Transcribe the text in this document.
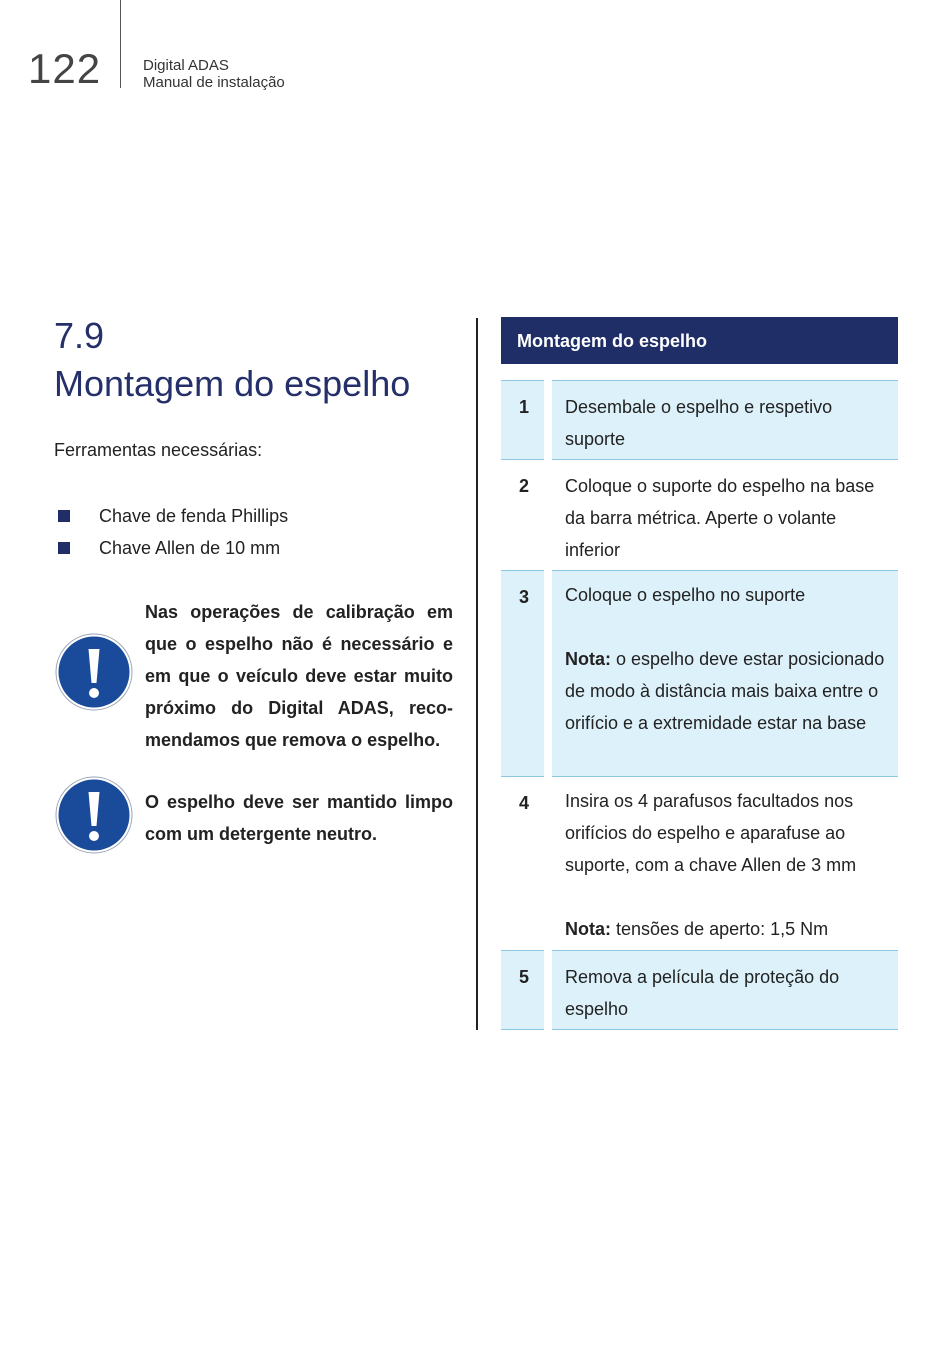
122	Digital ADAS
Manual de instalação
7.9
Montagem do espelho
Ferramentas necessárias:
Chave de fenda Phillips
Chave Allen de 10 mm
Nas operações de calibração em que o espelho não é necessário e em que o veículo deve estar muito próximo do Digital ADAS, recomendamos que remova o espelho.
O espelho deve ser mantido limpo com um detergente neutro.
Montagem do espelho
1	Desembale o espelho e respetivo suporte
2	Coloque o suporte do espelho na base da barra métrica. Aperte o volante inferior
3	Coloque o espelho no suporte
Nota: o espelho deve estar posicionado de modo à distância mais baixa entre o orifício e a extremidade estar na base
4	Insira os 4 parafusos facultados nos orifícios do espelho e aparafuse ao suporte, com a chave Allen de 3 mm
Nota: tensões de aperto: 1,5 Nm
5	Remova a película de proteção do espelho
